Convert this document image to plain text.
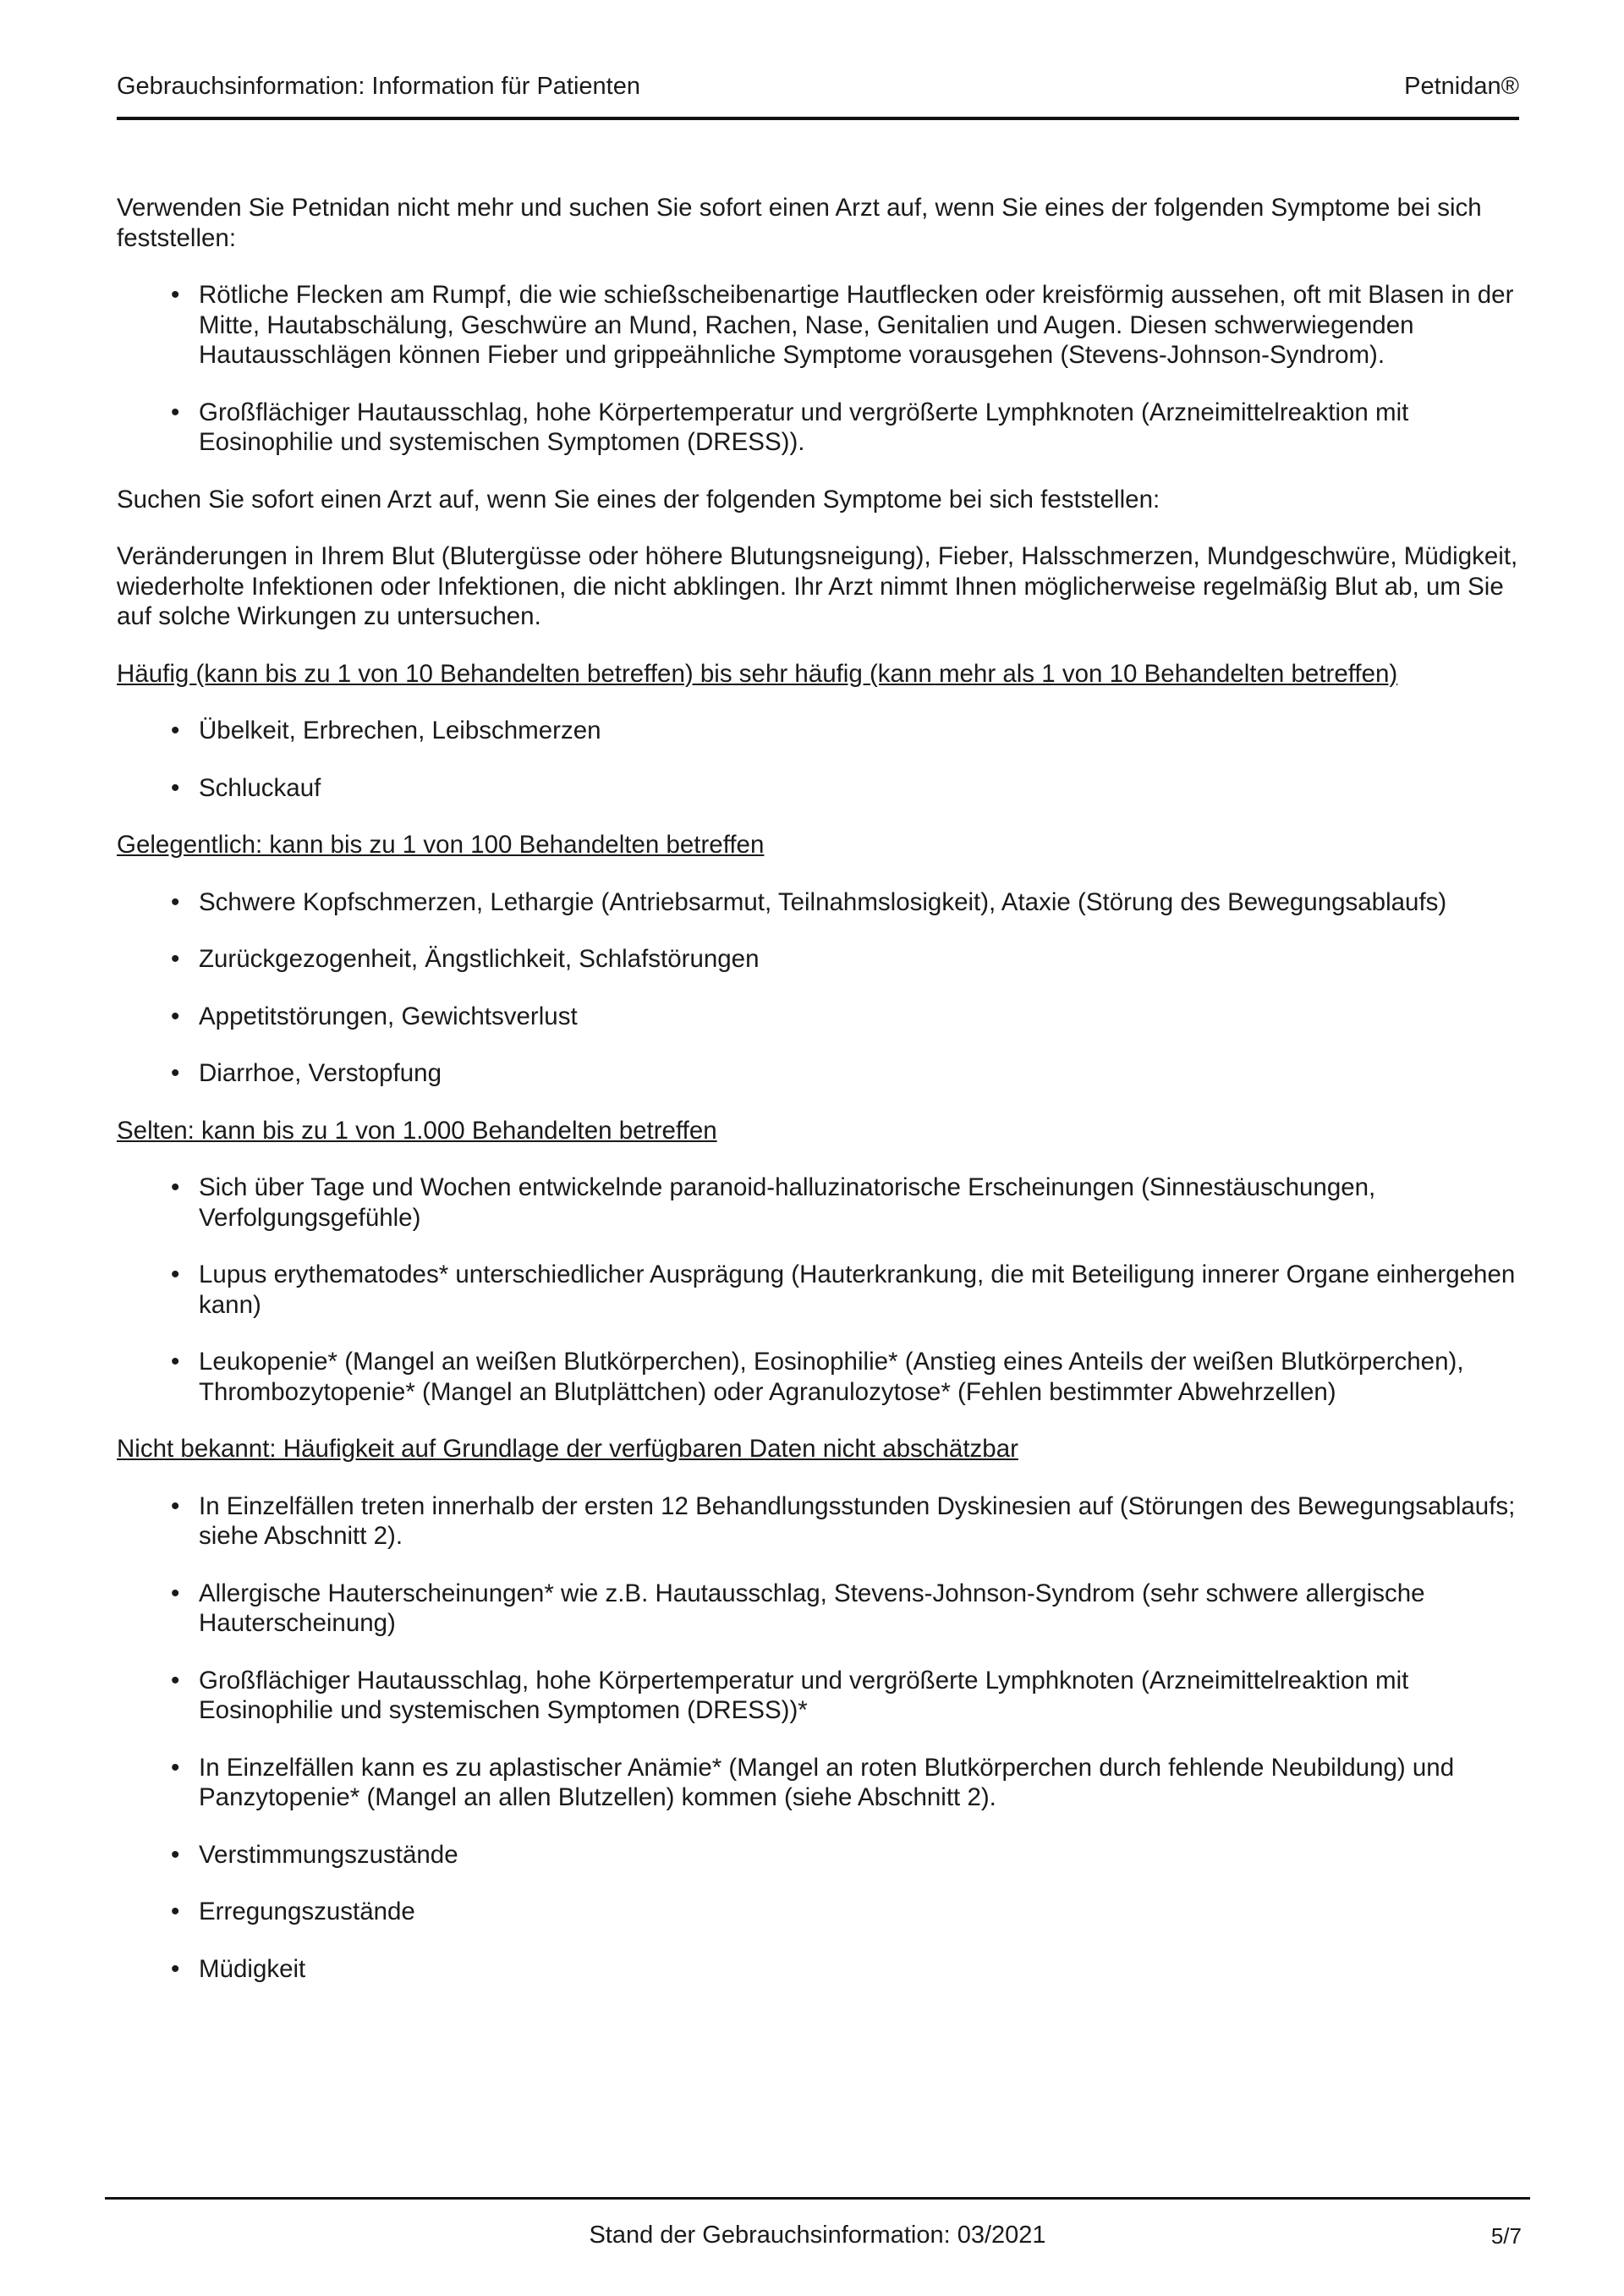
Gebrauchsinformation: Information für Patienten	Petnidan®

Verwenden Sie Petnidan nicht mehr und suchen Sie sofort einen Arzt auf, wenn Sie eines der folgenden Symptome bei sich feststellen:

• Rötliche Flecken am Rumpf, die wie schießscheibenartige Hautflecken oder kreisförmig aussehen, oft mit Blasen in der Mitte, Hautabschälung, Geschwüre an Mund, Rachen, Nase, Genitalien und Augen. Diesen schwerwiegenden Hautausschlägen können Fieber und grippeähnliche Symptome vorausgehen (Stevens-Johnson-Syndrom).
• Großflächiger Hautausschlag, hohe Körpertemperatur und vergrößerte Lymphknoten (Arzneimittelreaktion mit Eosinophilie und systemischen Symptomen (DRESS)).

Suchen Sie sofort einen Arzt auf, wenn Sie eines der folgenden Symptome bei sich feststellen:

Veränderungen in Ihrem Blut (Blutergüsse oder höhere Blutungsneigung), Fieber, Halsschmerzen, Mundgeschwüre, Müdigkeit, wiederholte Infektionen oder Infektionen, die nicht abklingen. Ihr Arzt nimmt Ihnen möglicherweise regelmäßig Blut ab, um Sie auf solche Wirkungen zu untersuchen.

Häufig (kann bis zu 1 von 10 Behandelten betreffen) bis sehr häufig (kann mehr als 1 von 10 Behandelten betreffen)

• Übelkeit, Erbrechen, Leibschmerzen
• Schluckauf

Gelegentlich: kann bis zu 1 von 100 Behandelten betreffen

• Schwere Kopfschmerzen, Lethargie (Antriebsarmut, Teilnahmslosigkeit), Ataxie (Störung des Bewegungsablaufs)
• Zurückgezogenheit, Ängstlichkeit, Schlafstörungen
• Appetitstörungen, Gewichtsverlust
• Diarrhoe, Verstopfung

Selten: kann bis zu 1 von 1.000 Behandelten betreffen

• Sich über Tage und Wochen entwickelnde paranoid-halluzinatorische Erscheinungen (Sinnestäuschungen, Verfolgungsgefühle)
• Lupus erythematodes* unterschiedlicher Ausprägung (Hauterkrankung, die mit Beteiligung innerer Organe einhergehen kann)
• Leukopenie* (Mangel an weißen Blutkörperchen), Eosinophilie* (Anstieg eines Anteils der weißen Blutkörperchen), Thrombozytopenie* (Mangel an Blutplättchen) oder Agranulozytose* (Fehlen bestimmter Abwehrzellen)

Nicht bekannt: Häufigkeit auf Grundlage der verfügbaren Daten nicht abschätzbar

• In Einzelfällen treten innerhalb der ersten 12 Behandlungsstunden Dyskinesien auf (Störungen des Bewegungsablaufs; siehe Abschnitt 2).
• Allergische Hauterscheinungen* wie z.B. Hautausschlag, Stevens-Johnson-Syndrom (sehr schwere allergische Hauterscheinung)
• Großflächiger Hautausschlag, hohe Körpertemperatur und vergrößerte Lymphknoten (Arzneimittelreaktion mit Eosinophilie und systemischen Symptomen (DRESS))*
• In Einzelfällen kann es zu aplastischer Anämie* (Mangel an roten Blutkörperchen durch fehlende Neubildung) und Panzytopenie* (Mangel an allen Blutzellen) kommen (siehe Abschnitt 2).
• Verstimmungszustände
• Erregungszustände
• Müdigkeit
Stand der Gebrauchsinformation: 03/2021	5/7
